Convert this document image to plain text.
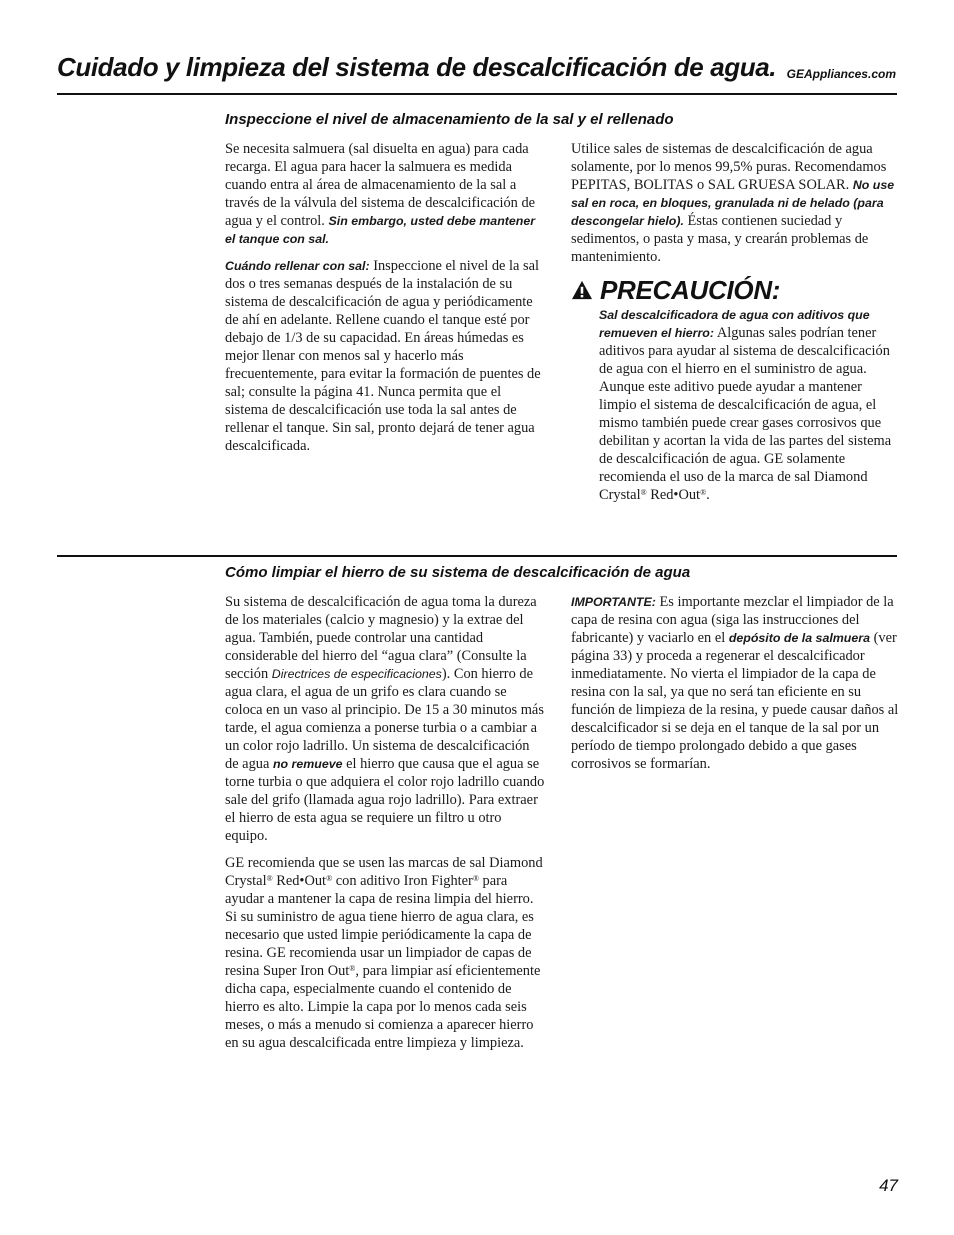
Cuidado y limpieza del sistema de descalcificación de agua. GEAppliances.com
Inspeccione el nivel de almacenamiento de la sal y el rellenado

Se necesita salmuera (sal disuelta en agua) para cada recarga. El agua para hacer la salmuera es medida cuando entra al área de almacenamiento de la sal a través de la válvula del sistema de descalcificación de agua y el control. Sin embargo, usted debe mantener el tanque con sal.

Cuándo rellenar con sal: Inspeccione el nivel de la sal dos o tres semanas después de la instalación de su sistema de descalcificación de agua y periódicamente de ahí en adelante. Rellene cuando el tanque esté por debajo de 1/3 de su capacidad. En áreas húmedas es mejor llenar con menos sal y hacerlo más frecuentemente, para evitar la formación de puentes de sal; consulte la página 41. Nunca permita que el sistema de descalcificación use toda la sal antes de rellenar el tanque. Sin sal, pronto dejará de tener agua descalcificada.

Utilice sales de sistemas de descalcificación de agua solamente, por lo menos 99,5% puras. Recomendamos PEPITAS, BOLITAS o SAL GRUESA SOLAR. No use sal en roca, en bloques, granulada ni de helado (para descongelar hielo). Éstas contienen suciedad y sedimentos, o pasta y masa, y crearán problemas de mantenimiento.

PRECAUCIÓN:
Sal descalcificadora de agua con aditivos que remueven el hierro: Algunas sales podrían tener aditivos para ayudar al sistema de descalcificación de agua con el hierro en el suministro de agua. Aunque este aditivo puede ayudar a mantener limpio el sistema de descalcificación de agua, el mismo también puede crear gases corrosivos que debilitan y acortan la vida de las partes del sistema de descalcificación de agua. GE solamente recomienda el uso de la marca de sal Diamond Crystal® Red•Out®.
Cómo limpiar el hierro de su sistema de descalcificación de agua

Su sistema de descalcificación de agua toma la dureza de los materiales (calcio y magnesio) y la extrae del agua. También, puede controlar una cantidad considerable del hierro del “agua clara” (Consulte la sección Directrices de especificaciones). Con hierro de agua clara, el agua de un grifo es clara cuando se coloca en un vaso al principio. De 15 a 30 minutos más tarde, el agua comienza a ponerse turbia o a cambiar a un color rojo ladrillo. Un sistema de descalcificación de agua no remueve el hierro que causa que el agua se torne turbia o que adquiera el color rojo ladrillo cuando sale del grifo (llamada agua rojo ladrillo). Para extraer el hierro de esta agua se requiere un filtro u otro equipo.

GE recomienda que se usen las marcas de sal Diamond Crystal® Red•Out® con aditivo Iron Fighter® para ayudar a mantener la capa de resina limpia del hierro. Si su suministro de agua tiene hierro de agua clara, es necesario que usted limpie periódicamente la capa de resina. GE recomienda usar un limpiador de capas de resina Super Iron Out®, para limpiar así eficientemente dicha capa, especialmente cuando el contenido de hierro es alto. Limpie la capa por lo menos cada seis meses, o más a menudo si comienza a aparecer hierro en su agua descalcificada entre limpieza y limpieza.

IMPORTANTE: Es importante mezclar el limpiador de la capa de resina con agua (siga las instrucciones del fabricante) y vaciarlo en el depósito de la salmuera (ver página 33) y proceda a regenerar el descalcificador inmediatamente. No vierta el limpiador de la capa de resina con la sal, ya que no será tan eficiente en su función de limpieza de la resina, y puede causar daños al descalcificador si se deja en el tanque de la sal por un período de tiempo prolongado debido a que gases corrosivos se formarían.

47
